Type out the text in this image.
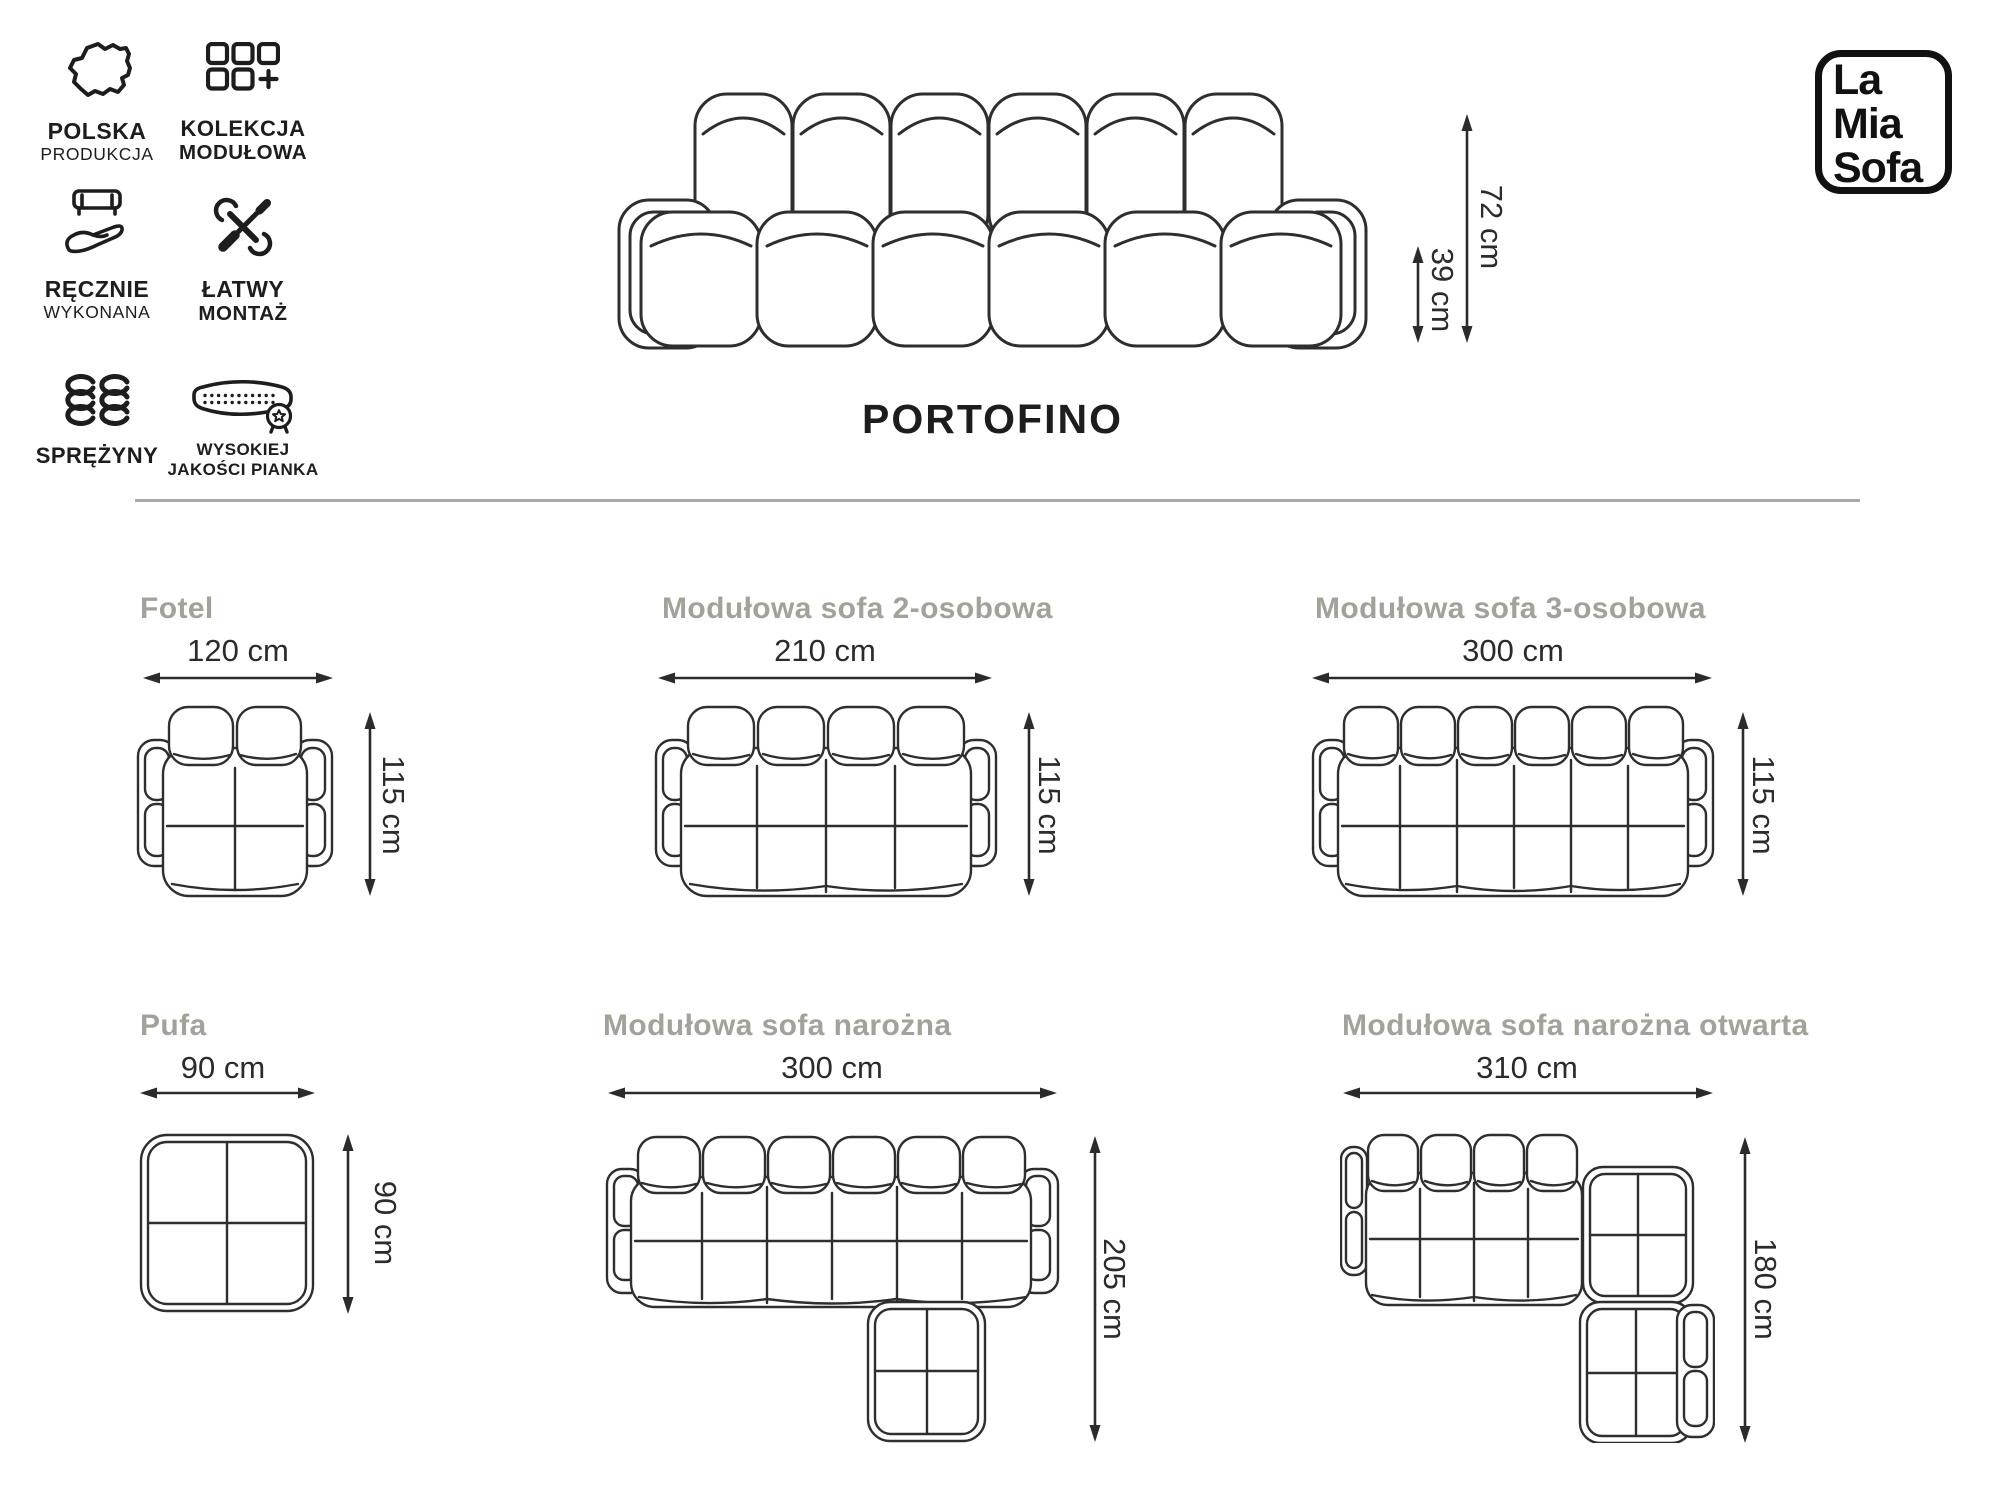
POLSKA
PRODUKCJA
KOLEKCJA
MODUŁOWA
RĘCZNIE
WYKONANA
ŁATWY
MONTAŻ
SPRĘŻYNY WYSOKIEJ
JAKOŚCI PIANKA
La
Mia
Sofa
39 cm
72 cm
PORTOFINO
Fotel
120 cm
115 cm
Modułowa sofa 2-osobowa
210 cm
115 cm
Modułowa sofa 3-osobowa
300 cm
115 cm
Pufa
90 cm
90 cm
Modułowa sofa narożna
300 cm
205 cm
Modułowa sofa narożna otwarta
310 cm
180 cm
